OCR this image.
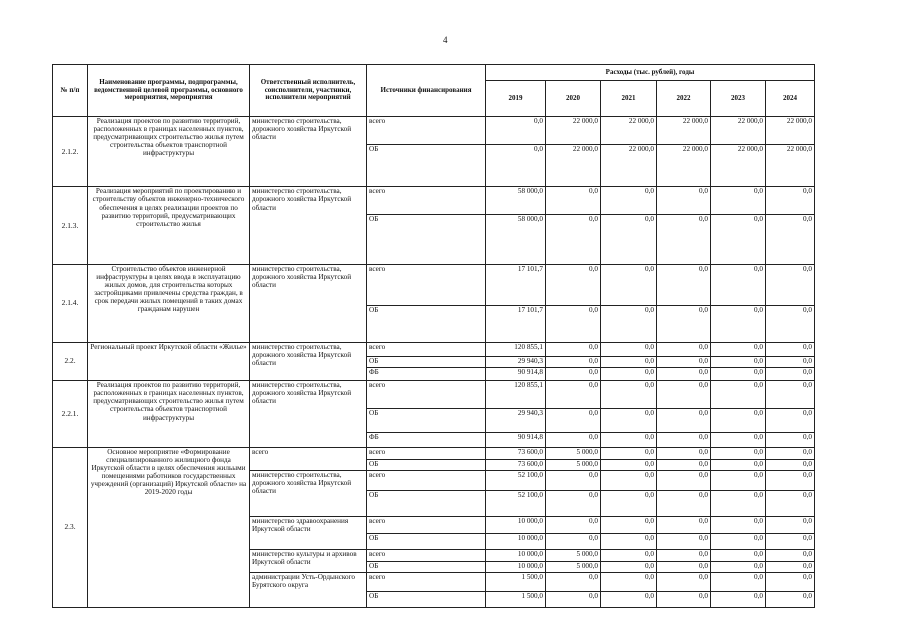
4
№ п/п	Наименование программы, подпрограммы, ведомственной целевой программы, основного мероприятия, мероприятия	Ответственный исполнитель, соисполнители, участники, исполнители мероприятий	Источники финансирования	Расходы (тыс. рублей), годы					
				2019	2020	2021	2022	2023	2024
2.1.2.	Реализация проектов по развитию территорий, расположенных в границах населенных пунктов, предусматривающих строительство жилья путем строительства объектов транспортной инфраструктуры	министерство строительства, дорожного хозяйства Иркутской области	всего	0,0	22 000,0	22 000,0	22 000,0	22 000,0	22 000,0
			ОБ	0,0	22 000,0	22 000,0	22 000,0	22 000,0	22 000,0
2.1.3.	Реализация мероприятий по проектированию и строительству объектов инженерно-технического обеспечения в целях реализации проектов по развитию территорий, предусматривающих строительство жилья	министерство строительства, дорожного хозяйства Иркутской области	всего	58 000,0	0,0	0,0	0,0	0,0	0,0
			ОБ	58 000,0	0,0	0,0	0,0	0,0	0,0
2.1.4.	Строительство объектов инженерной инфраструктуры в целях ввода в эксплуатацию жилых домов, для строительства которых застройщиками привлечены средства граждан, в срок передачи жилых помещений в таких домах гражданам нарушен	министерство строительства, дорожного хозяйства Иркутской области	всего	17 101,7	0,0	0,0	0,0	0,0	0,0
			ОБ	17 101,7	0,0	0,0	0,0	0,0	0,0
2.2.	Региональный проект Иркутской области «Жилье»	министерство строительства, дорожного хозяйства Иркутской области	всего	120 855,1	0,0	0,0	0,0	0,0	0,0
			ОБ	29 940,3	0,0	0,0	0,0	0,0	0,0
			ФБ	90 914,8	0,0	0,0	0,0	0,0	0,0
2.2.1.	Реализация проектов по развитию территорий, расположенных в границах населенных пунктов, предусматривающих строительство жилья путем строительства объектов транспортной инфраструктуры	министерство строительства, дорожного хозяйства Иркутской области	всего	120 855,1	0,0	0,0	0,0	0,0	0,0
			ОБ	29 940,3	0,0	0,0	0,0	0,0	0,0
			ФБ	90 914,8	0,0	0,0	0,0	0,0	0,0
2.3.	Основное мероприятие «Формирование специализированного жилищного фонда Иркутской области в целях обеспечения жильыми помещениями работников государственных учреждений (организаций) Иркутской области» на 2019-2020 годы	всего	всего	73 600,0	5 000,0	0,0	0,0	0,0	0,0
			ОБ	73 600,0	5 000,0	0,0	0,0	0,0	0,0
		министерство строительства, дорожного хозяйства Иркутской области	всего	52 100,0	0,0	0,0	0,0	0,0	0,0
			ОБ	52 100,0	0,0	0,0	0,0	0,0	0,0
		министерство здравоохранения Иркутской области	всего	10 000,0	0,0	0,0	0,0	0,0	0,0
			ОБ	10 000,0	0,0	0,0	0,0	0,0	0,0
		министерство культуры и архивов Иркутской области	всего	10 000,0	5 000,0	0,0	0,0	0,0	0,0
			ОБ	10 000,0	5 000,0	0,0	0,0	0,0	0,0
		администрации Усть-Ордынского Бурятского округа	всего	1 500,0	0,0	0,0	0,0	0,0	0,0
			ОБ	1 500,0	0,0	0,0	0,0	0,0	0,0
